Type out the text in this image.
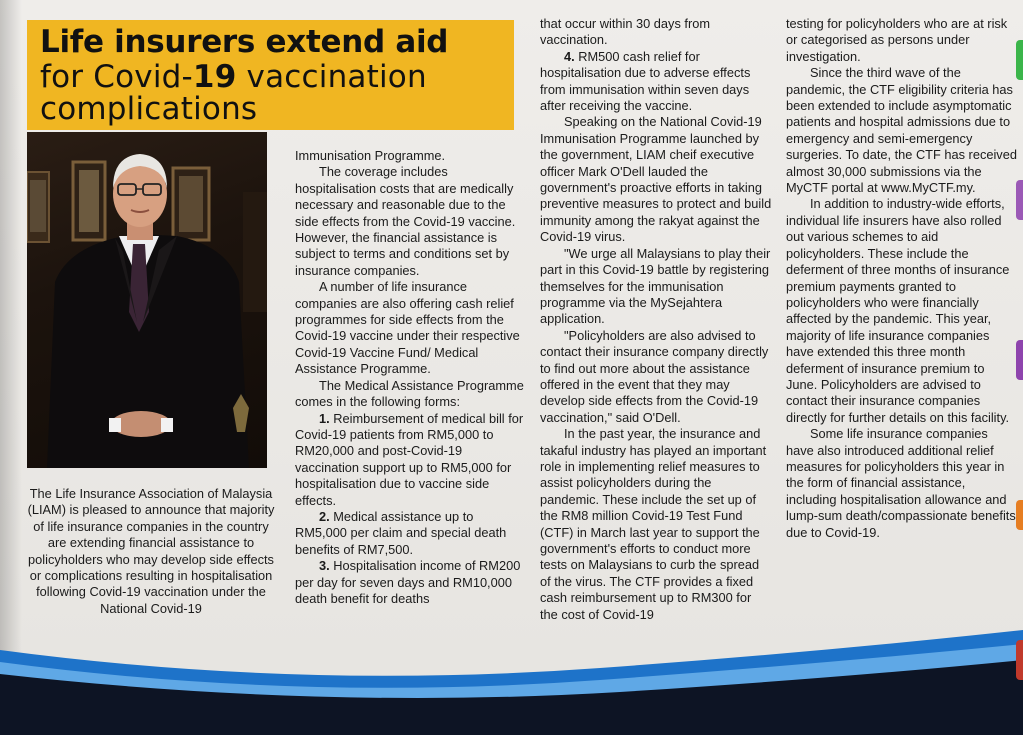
Life insurers extend aid
for Covid-19 vaccination
complications
The Life Insurance Association of Malaysia (LIAM) is pleased to announce that majority of life insurance companies in the country are extending financial assistance to policyholders who may develop side effects or complications resulting in hospitalisation following Covid-19 vaccination under the National Covid-19

Immunisation Programme.

The coverage includes hospitalisation costs that are medically necessary and reasonable due to the side effects from the Covid-19 vaccine. However, the financial assistance is subject to terms and conditions set by insurance companies.

A number of life insurance companies are also offering cash relief programmes for side effects from the Covid-19 vaccine under their respective Covid-19 Vaccine Fund/ Medical Assistance Programme.

The Medical Assistance Programme comes in the following forms:

1. Reimbursement of medical bill for Covid-19 patients from RM5,000 to RM20,000 and post-Covid-19 vaccination support up to RM5,000 for hospitalisation due to vaccine side effects.

2. Medical assistance up to RM5,000 per claim and special death benefits of RM7,500.

3. Hospitalisation income of RM200 per day for seven days and RM10,000 death benefit for deaths

that occur within 30 days from vaccination.

4. RM500 cash relief for hospitalisation due to adverse effects from immunisation within seven days after receiving the vaccine.

Speaking on the National Covid-19 Immunisation Programme launched by the government, LIAM cheif executive officer Mark O'Dell lauded the government's proactive efforts in taking preventive measures to protect and build immunity among the rakyat against the Covid-19 virus.

"We urge all Malaysians to play their part in this Covid-19 battle by registering themselves for the immunisation programme via the MySejahtera application.

"Policyholders are also advised to contact their insurance company directly to find out more about the assistance offered in the event that they may develop side effects from the Covid-19 vaccination," said O'Dell.

In the past year, the insurance and takaful industry has played an important role in implementing relief measures to assist policyholders during the pandemic. These include the set up of the RM8 million Covid-19 Test Fund (CTF) in March last year to support the government's efforts to conduct more tests on Malaysians to curb the spread of the virus. The CTF provides a fixed cash reimbursement up to RM300 for the cost of Covid-19

testing for policyholders who are at risk or categorised as persons under investigation.

Since the third wave of the pandemic, the CTF eligibility criteria has been extended to include asymptomatic patients and hospital admissions due to emergency and semi-emergency surgeries. To date, the CTF has received almost 30,000 submissions via the MyCTF portal at www.MyCTF.my.

In addition to industry-wide efforts, individual life insurers have also rolled out various schemes to aid policyholders. These include the deferment of three months of insurance premium payments granted to policyholders who were financially affected by the pandemic. This year, majority of life insurance companies have extended this three month deferment of insurance premium to June. Policyholders are advised to contact their insurance companies directly for further details on this facility.

Some life insurance companies have also introduced additional relief measures for policyholders this year in the form of financial assistance, including hospitalisation allowance and lump-sum death/compassionate benefits due to Covid-19.
